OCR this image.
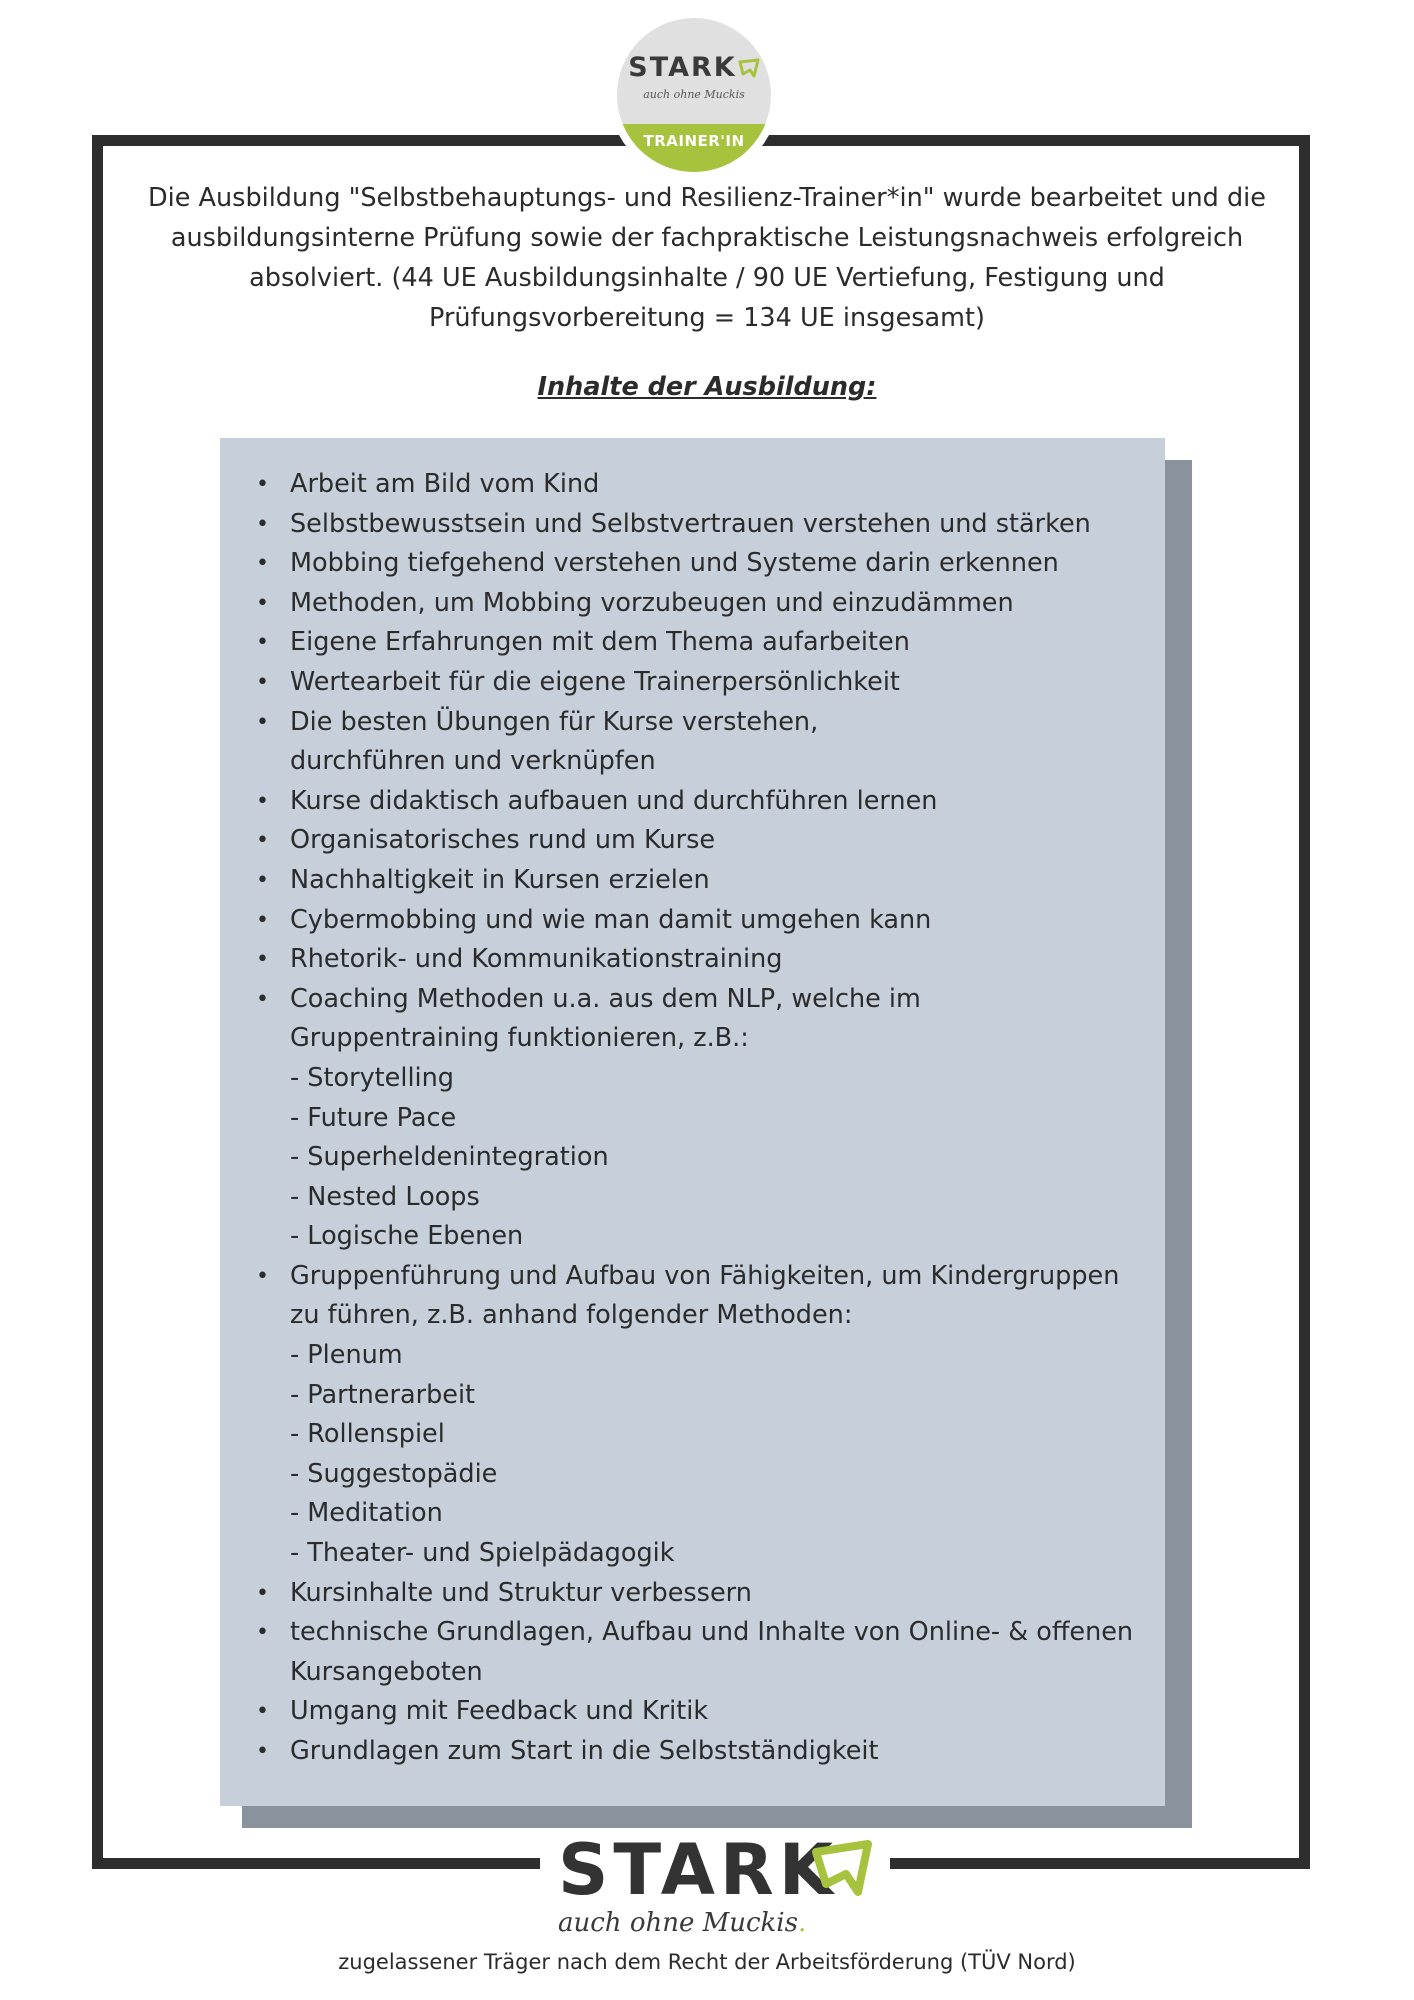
STARK
auch ohne Muckis
TRAINER'IN

Die Ausbildung "Selbstbehauptungs- und Resilienz-Trainer*in" wurde bearbeitet und die ausbildungsinterne Prüfung sowie der fachpraktische Leistungsnachweis erfolgreich absolviert. (44 UE Ausbildungsinhalte / 90 UE Vertiefung, Festigung und Prüfungsvorbereitung = 134 UE insgesamt)

Inhalte der Ausbildung:
• Arbeit am Bild vom Kind
• Selbstbewusstsein und Selbstvertrauen verstehen und stärken
• Mobbing tiefgehend verstehen und Systeme darin erkennen
• Methoden, um Mobbing vorzubeugen und einzudämmen
• Eigene Erfahrungen mit dem Thema aufarbeiten
• Wertearbeit für die eigene Trainerpersönlichkeit
• Die besten Übungen für Kurse verstehen,
durchführen und verknüpfen
• Kurse didaktisch aufbauen und durchführen lernen
• Organisatorisches rund um Kurse
• Nachhaltigkeit in Kursen erzielen
• Cybermobbing und wie man damit umgehen kann
• Rhetorik- und Kommunikationstraining
• Coaching Methoden u.a. aus dem NLP, welche im
Gruppentraining funktionieren, z.B.:
- Storytelling
- Future Pace
- Superheldenintegration
- Nested Loops
- Logische Ebenen
• Gruppenführung und Aufbau von Fähigkeiten, um Kindergruppen
zu führen, z.B. anhand folgender Methoden:
- Plenum
- Partnerarbeit
- Rollenspiel
- Suggestopädie
- Meditation
- Theater- und Spielpädagogik
• Kursinhalte und Struktur verbessern
• technische Grundlagen, Aufbau und Inhalte von Online- & offenen
Kursangeboten
• Umgang mit Feedback und Kritik
• Grundlagen zum Start in die Selbstständigkeit
STARK
auch ohne Muckis.
zugelassener Träger nach dem Recht der Arbeitsförderung (TÜV Nord)
